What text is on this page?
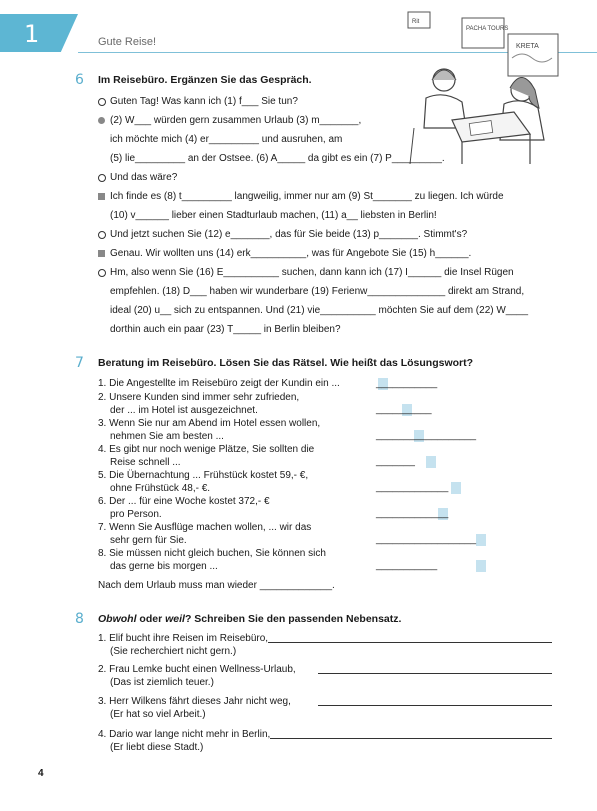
1	Gute Reise!
Rit
PACHA TOURS
KRETA
6 Im Reisebüro. Ergänzen Sie das Gespräch.
Guten Tag! Was kann ich (1) f___ Sie tun?
(2) W___ würden gern zusammen Urlaub (3) m_______,
ich möchte mich (4) er_________ und ausruhen, am
(5) lie_________ an der Ostsee. (6) A_____ da gibt es ein (7) P_________.
Und das wäre?
Ich finde es (8) t_________ langweilig, immer nur am (9) St_______ zu liegen. Ich würde
(10) v______ lieber einen Stadturlaub machen, (11) a__ liebsten in Berlin!
Und jetzt suchen Sie (12) e_______, das für Sie beide (13) p_______. Stimmt's?
Genau. Wir wollten uns (14) erk__________, was für Angebote Sie (15) h______.
Hm, also wenn Sie (16) E__________ suchen, dann kann ich (17) I______ die Insel Rügen
empfehlen. (18) D___ haben wir wunderbare (19) Ferienw______________ direkt am Strand,
ideal (20) u__ sich zu entspannen. Und (21) vie__________ möchten Sie auf dem (22) W____
dorthin auch ein paar (23) T_____ in Berlin bleiben?
7 Beratung im Reisebüro. Lösen Sie das Rätsel. Wie heißt das Lösungswort?
1. Die Angestellte im Reisebüro zeigt der Kundin ein ...	___________
2. Unsere Kunden sind immer sehr zufrieden,
der ... im Hotel ist ausgezeichnet.	__________
3. Wenn Sie nur am Abend im Hotel essen wollen,
nehmen Sie am besten ...	__________________
4. Es gibt nur noch wenige Plätze, Sie sollten die
Reise schnell ...	_______
5. Die Übernachtung ... Frühstück kostet 59,- €,
ohne Frühstück 48,- €.	_____________
6. Der ... für eine Woche kostet 372,- €
pro Person.	_____________
7. Wenn Sie Ausflüge machen wollen, ... wir das
sehr gern für Sie.	__________________
8. Sie müssen nicht gleich buchen, Sie können sich
das gerne bis morgen ...	___________
Nach dem Urlaub muss man wieder _____________.
8 Obwohl oder weil? Schreiben Sie den passenden Nebensatz.
1. Elif bucht ihre Reisen im Reisebüro,
(Sie recherchiert nicht gern.)
2. Frau Lemke bucht einen Wellness-Urlaub,
(Das ist ziemlich teuer.)
3. Herr Wilkens fährt dieses Jahr nicht weg,
(Er hat so viel Arbeit.)
4. Dario war lange nicht mehr in Berlin,
(Er liebt diese Stadt.)
4
